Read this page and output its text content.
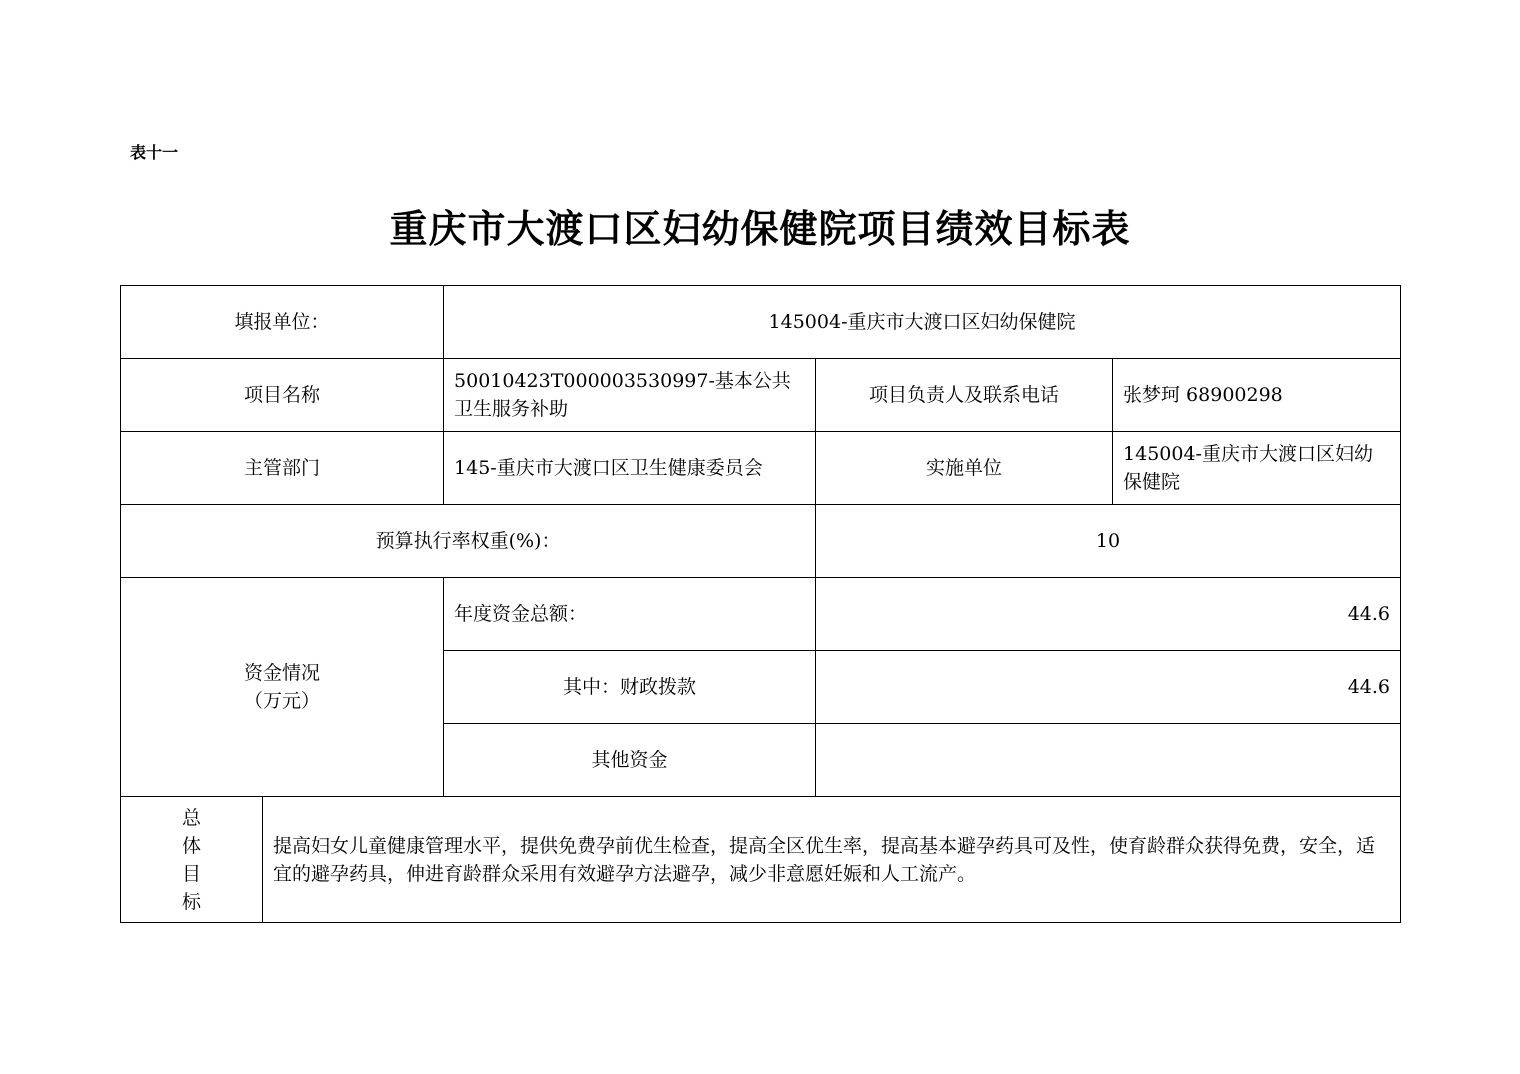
表十一
重庆市大渡口区妇幼保健院项目绩效目标表
填报单位：		145004-重庆市大渡口区妇幼保健院		
项目名称		50010423T000003530997-基本公共卫生服务补助	项目负责人及联系电话	张梦珂 68900298
主管部门		145-重庆市大渡口区卫生健康委员会	实施单位	145004-重庆市大渡口区妇幼保健院
预算执行率权重(%)：			10	

资金情况
（万元）		年度资金总额：	44.6	
		其中：财政拨款	44.6	
		其他资金		

总
体
目
标	提高妇女儿童健康管理水平，提供免费孕前优生检查，提高全区优生率，提高基本避孕药具可及性，使育龄群众获得免费，安全，适宜的避孕药具，伸进育龄群众采用有效避孕方法避孕，减少非意愿妊娠和人工流产。			
